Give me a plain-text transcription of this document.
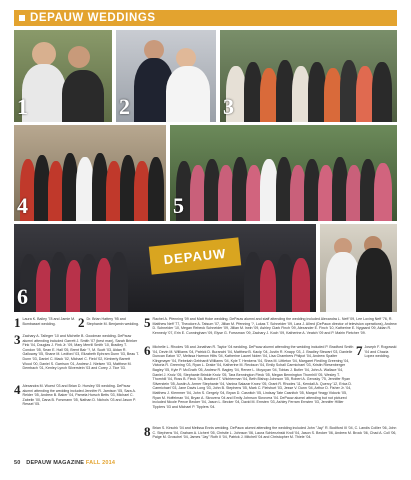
DEPAUW WEDDINGS
1	2	3
4	5
DEPAUW
6
1 Laura K. Bailey '78 and Jamie M. Bombassei wedding.	2 Dr. Brian Hattery '95 and Stephanie M. Benjamin wedding.
3 Zachary A. Talleger '10 and Michelle B. Goodman wedding. DePauw alumni attending included Garrett J. Smith '07 (best man), Sarah Brinker Fink '04, Douglas J. Fink Jr. '09, Mary Merrill Smith '10, Bradley T. Condon '05, Sean E. Hall '05, Brent Bair '?, M. Scott '03, Aidan R. Galloway '05, Shane M. Ledford '03, Elizabeth Ephram Dunn '03, Beau T. Dunn '03, Daniel C. Mack '02, Michael C. Field '02, Kimberly Barrett Wood '00, Daniel S. Garrison '01, Andrew J. Nielsen '03, Matthew M. Dembach '01, Kenley Lynch Silverstein '03 and Corey J. Tice '03.
4 Alexandra M. Wuest '03 and Brian D. Hursley '05 wedding. DePauw alumni attending the wedding included Jennifer R. Jamison '05, Sara A. Reider '05, Andrew B. Baker '04, Pamela Hursch Betts '03, Michael C. Zabelin '00, Dana B. Forsmann '05, Nathan D. Nichols '03 and Jason P. Ressel '05.
5 Rachel A. Pfenning '09 and Matt Hoke wedding. DePauw alumni and staff attending the wedding included Alexandra L. Neff '09, Lee Loving Neff '76, R. Matthew Neff '77, Theodore A. Tatsum '07, Jillian M. Pfenning '?, Lukas T. Schneider '09, Lara J. Allred (DePauw director of television operations), Andrew D. Schneider '10, Megan Rebeck Schneider '09, Jillian M. Irwin '09, Ashley Clark Finch '09, Alexander E. Finch '10, Katherine E. Nygaard '09, Aidan R. Kennedy '07, Erin E. Cunningham '09, Elyse G. Forssman '09, Zachary J. Koch '09, Katherine A. Veatch '09 and P. Mairin Fletcher '09.
6 Michelle L. Rhodes '05 and Jonathan R. Taylor '04 wedding. DePauw alumni attending the wedding included P. Bradford Smith '04, Devin M. Williams '04, Patrick D. Buranchi '04, Matthew B. Kacip '04, Justin R. Knapp '03, J. Bradley Stewart '03, Danielle Duncan Eaton '07, Melissa Harmon Hilts '04, Katherine Laurel Nolen '04, Lisa Chambers Philpot '04, Andrew Spalter Klingmayer '04, Rebekah Gebhardt Williams '04, Kyle T. Henkens '04, Shea M. Littleton '04, Margaret Fiedling Greening '04, Victoria R. Greening '03, Ryan L. Drake '04, Katherine M. Reckson '04, Emily Schall Carmichael '03, Kristin Riesenberger Bagley '05, Kyle P. McGrath '05, Andrew R. Bagley '04, Renee L. Moyoyan '04, Tobias J. Butler '04, John A. Wallace '04, Daniel J. Kroiz '05, Stephanie Brinkle Kroiz '05, Tara Bennington Fleck '05, Megan Bennington Thornhill '05, Wesley T. Thornhill '04, Ross B. Fleck '04, Bradford T. Wichterman '04, Beth Bishop Johnson '05, Robert A. Gerosky '75, Jennifer Ryan Silverstein '05, Austin A. Armer Stephanie '04, Vanina Salazar Kroez '05, Grant R. Rhodes '11, Kendall A. Quercy '12, Erica D. Carmichael '03, Jane Davis Long '03, John B. Stephens '05, Mark C. Fleishurt '03, Jesse V. Dunn '04, Arthur D. Fisher Jr. '04, Matthew J. Klemmer '04, John S. Gergely '04, Bryan D. Casnitch '05, Lindsay Tate Casnitch '05, Margot Yeagy Vidovic '05, Ryan M. Hoffelman '04, Bryan A. Skrovera '04 and Emily Johnson Skrovera '04. DePauw alumni attending but not pictured included Nicole Pence Becker '04, Jason L. Becker '04, David M. Ernsten '03, Ashley Ferram Ernsten '03, Jennifer Hillier Tipplers '03 and Michael P. Tipplers '04.
7 Joseph F. Rogowski '04 and Chazia Lopez wedding.
8 Brian S. Kirschk '04 and Melissa Ennis wedding. DePauw alumni attending the wedding included John "Jay" R. Bodiford III '04, C. Landis Collier '06, John C. Stephens '04, Graham A. Lichert '05, Christie L. Johnson '06, Laura Schlenzinski Kroll '04, Jason S. Becker '06, Andrew M. Brock '06, Chad A. Coll '06, Paige M. Groschel '04, James "Jay" Roth II '04, Patrick J. Mitchell '04 and Christopher M. Thiele '04.
50 DEPAUW MAGAZINE FALL 2014
